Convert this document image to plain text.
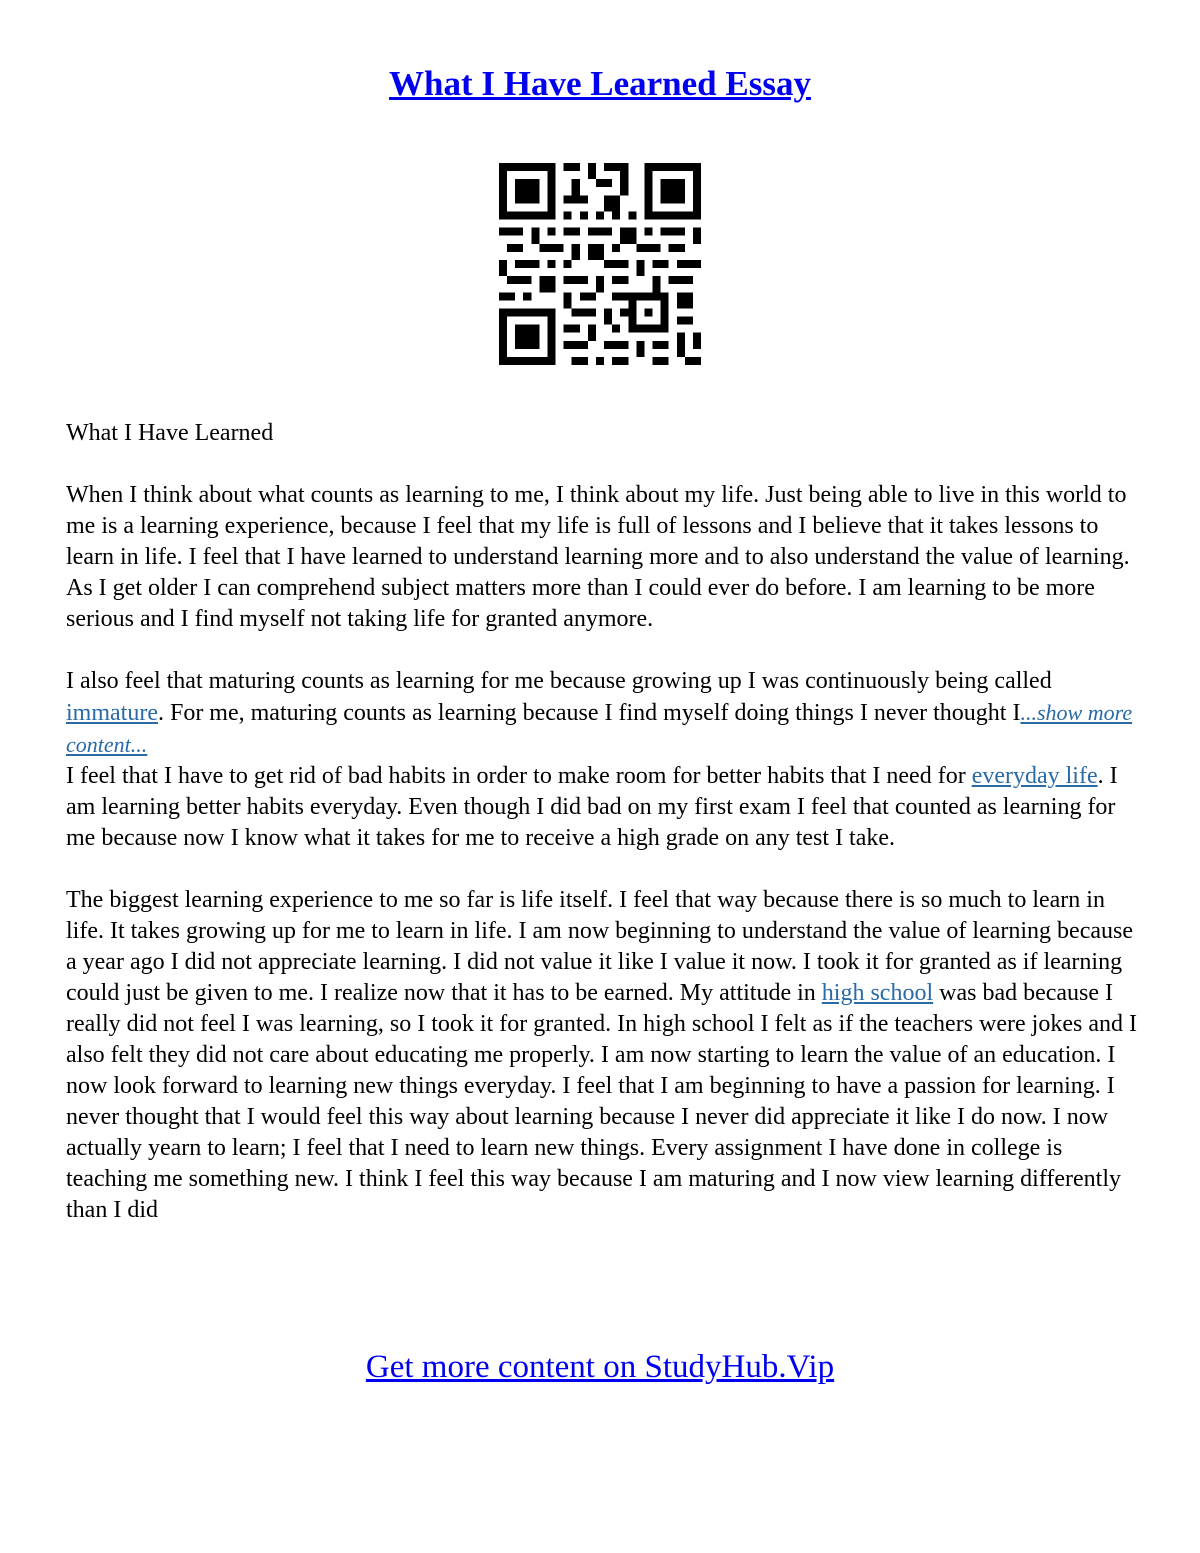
What I Have Learned Essay

What I Have Learned

When I think about what counts as learning to me, I think about my life. Just being able to live in this world to me is a learning experience, because I feel that my life is full of lessons and I believe that it takes lessons to learn in life. I feel that I have learned to understand learning more and to also understand the value of learning. As I get older I can comprehend subject matters more than I could ever do before. I am learning to be more serious and I find myself not taking life for granted anymore.

I also feel that maturing counts as learning for me because growing up I was continuously being called immature. For me, maturing counts as learning because I find myself doing things I never thought I...show more content...

I feel that I have to get rid of bad habits in order to make room for better habits that I need for everyday life. I am learning better habits everyday. Even though I did bad on my first exam I feel that counted as learning for me because now I know what it takes for me to receive a high grade on any test I take.

The biggest learning experience to me so far is life itself. I feel that way because there is so much to learn in life. It takes growing up for me to learn in life. I am now beginning to understand the value of learning because a year ago I did not appreciate learning. I did not value it like I value it now. I took it for granted as if learning could just be given to me. I realize now that it has to be earned. My attitude in high school was bad because I really did not feel I was learning, so I took it for granted. In high school I felt as if the teachers were jokes and I also felt they did not care about educating me properly. I am now starting to learn the value of an education. I now look forward to learning new things everyday. I feel that I am beginning to have a passion for learning. I never thought that I would feel this way about learning because I never did appreciate it like I do now. I now actually yearn to learn; I feel that I need to learn new things. Every assignment I have done in college is teaching me something new. I think I feel this way because I am maturing and I now view learning differently than I did

Get more content on StudyHub.Vip
